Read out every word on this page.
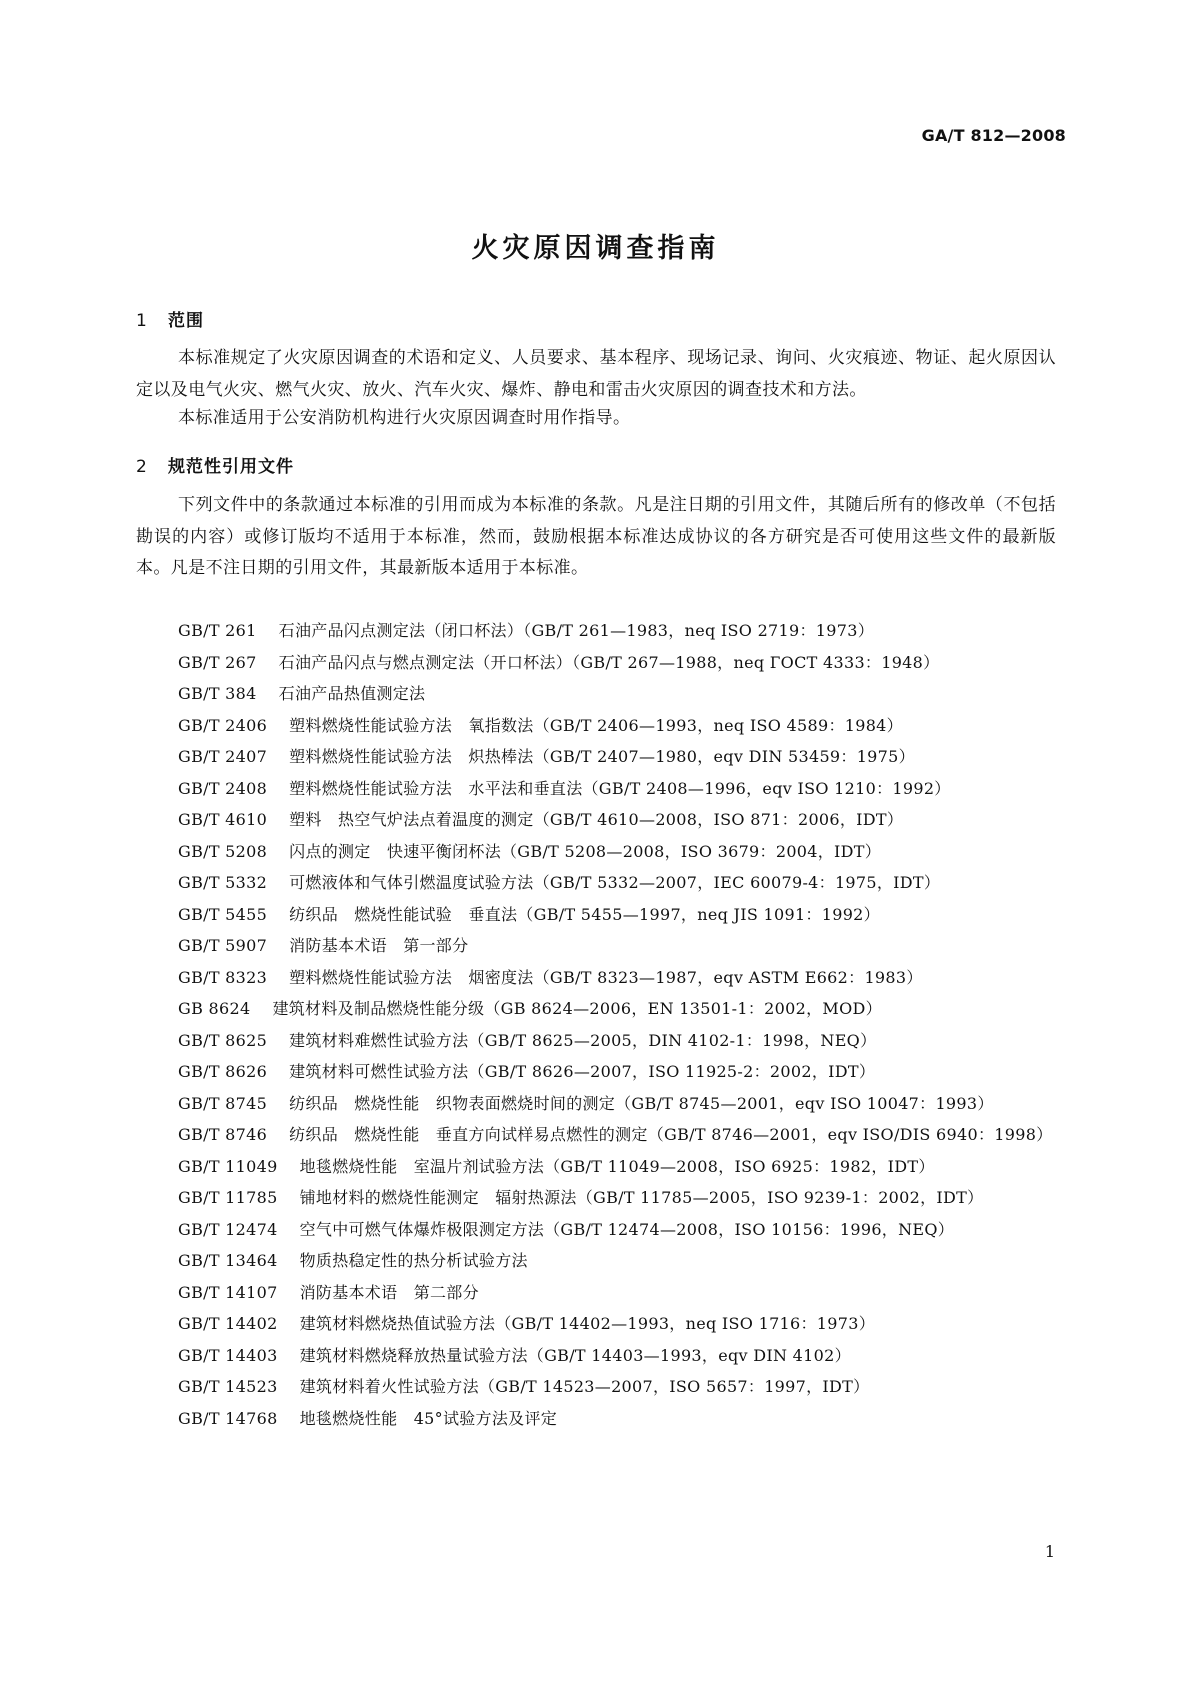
GA/T 812—2008
火灾原因调查指南
1 范围
本标准规定了火灾原因调查的术语和定义、人员要求、基本程序、现场记录、询问、火灾痕迹、物证、起火原因认定以及电气火灾、燃气火灾、放火、汽车火灾、爆炸、静电和雷击火灾原因的调查技术和方法。
本标准适用于公安消防机构进行火灾原因调查时用作指导。
2 规范性引用文件
下列文件中的条款通过本标准的引用而成为本标准的条款。凡是注日期的引用文件，其随后所有的修改单（不包括勘误的内容）或修订版均不适用于本标准，然而，鼓励根据本标准达成协议的各方研究是否可使用这些文件的最新版本。凡是不注日期的引用文件，其最新版本适用于本标准。
GB/T 261 石油产品闪点测定法（闭口杯法）（GB/T 261—1983，neq ISO 2719：1973）
GB/T 267 石油产品闪点与燃点测定法（开口杯法）（GB/T 267—1988，neq ГОСТ 4333：1948）
GB/T 384 石油产品热值测定法
GB/T 2406 塑料燃烧性能试验方法　氧指数法（GB/T 2406—1993，neq ISO 4589：1984）
GB/T 2407 塑料燃烧性能试验方法　炽热棒法（GB/T 2407—1980，eqv DIN 53459：1975）
GB/T 2408 塑料燃烧性能试验方法　水平法和垂直法（GB/T 2408—1996，eqv ISO 1210：1992）
GB/T 4610 塑料　热空气炉法点着温度的测定（GB/T 4610—2008，ISO 871：2006，IDT）
GB/T 5208 闪点的测定　快速平衡闭杯法（GB/T 5208—2008，ISO 3679：2004，IDT）
GB/T 5332 可燃液体和气体引燃温度试验方法（GB/T 5332—2007，IEC 60079-4：1975，IDT）
GB/T 5455 纺织品　燃烧性能试验　垂直法（GB/T 5455—1997，neq JIS 1091：1992）
GB/T 5907 消防基本术语　第一部分
GB/T 8323 塑料燃烧性能试验方法　烟密度法（GB/T 8323—1987，eqv ASTM E662：1983）
GB 8624 建筑材料及制品燃烧性能分级（GB 8624—2006，EN 13501-1：2002，MOD）
GB/T 8625 建筑材料难燃性试验方法（GB/T 8625—2005，DIN 4102-1：1998，NEQ）
GB/T 8626 建筑材料可燃性试验方法（GB/T 8626—2007，ISO 11925-2：2002，IDT）
GB/T 8745 纺织品　燃烧性能　织物表面燃烧时间的测定（GB/T 8745—2001，eqv ISO 10047：1993）
GB/T 8746 纺织品　燃烧性能　垂直方向试样易点燃性的测定（GB/T 8746—2001，eqv ISO/DIS 6940：1998）
GB/T 11049 地毯燃烧性能　室温片剂试验方法（GB/T 11049—2008，ISO 6925：1982，IDT）
GB/T 11785 铺地材料的燃烧性能测定　辐射热源法（GB/T 11785—2005，ISO 9239-1：2002，IDT）
GB/T 12474 空气中可燃气体爆炸极限测定方法（GB/T 12474—2008，ISO 10156：1996，NEQ）
GB/T 13464 物质热稳定性的热分析试验方法
GB/T 14107 消防基本术语　第二部分
GB/T 14402 建筑材料燃烧热值试验方法（GB/T 14402—1993，neq ISO 1716：1973）
GB/T 14403 建筑材料燃烧释放热量试验方法（GB/T 14403—1993，eqv DIN 4102）
GB/T 14523 建筑材料着火性试验方法（GB/T 14523—2007，ISO 5657：1997，IDT）
GB/T 14768 地毯燃烧性能　45°试验方法及评定
1
